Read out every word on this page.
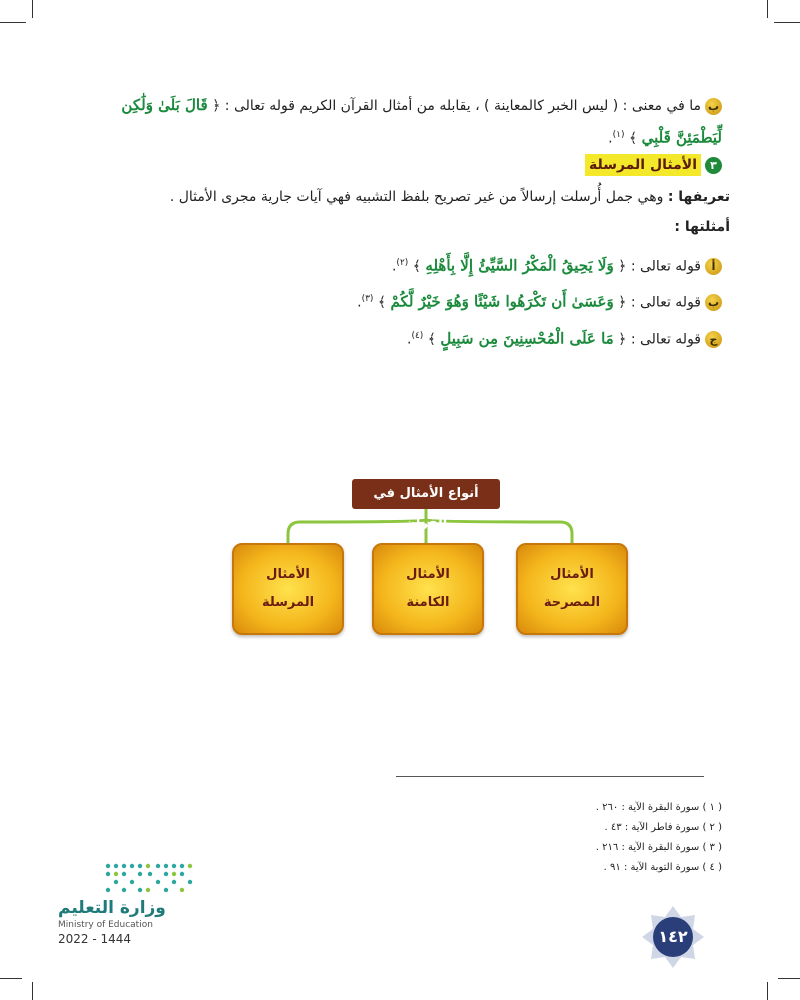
بما في معنى : ( ليس الخبر كالمعاينة ) ، يقابله من أمثال القرآن الكريم قوله تعالى : ﴿ قَالَ بَلَىٰ وَلَٰكِن
لِّيَطْمَئِنَّ قَلْبِي ﴾ $^{(١)}$.
٣الأمثال المرسلة
تعريفها : وهي جمل أُرسلت إرسالاً من غير تصريح بلفظ التشبيه فهي آيات جارية مجرى الأمثال .
أمثلتها :
أقوله تعالى : ﴿ وَلَا يَحِيقُ الْمَكْرُ السَّيِّئُ إِلَّا بِأَهْلِهِ ﴾ $^{(٢)}$.
بقوله تعالى : ﴿ وَعَسَىٰ أَن تَكْرَهُوا شَيْئًا وَهُوَ خَيْرٌ لَّكُمْ ﴾ $^{(٣)}$.
جقوله تعالى : ﴿ مَا عَلَى الْمُحْسِنِينَ مِن سَبِيلٍ ﴾ $^{(٤)}$.
أنواع الأمثال في القرآن
الأمثال
المصرحة
الأمثال
الكامنة
الأمثال
المرسلة
( ١ ) سورة البقرة الآية : ٢٦٠ .
( ٢ ) سورة فاطر الآية : ٤٣ .
( ٣ ) سورة البقرة الآية : ٢١٦ .
( ٤ ) سورة التوبة الآية : ٩١ .
وزارة التعليم
Ministry of Education
2022 - 1444	١٤٢
